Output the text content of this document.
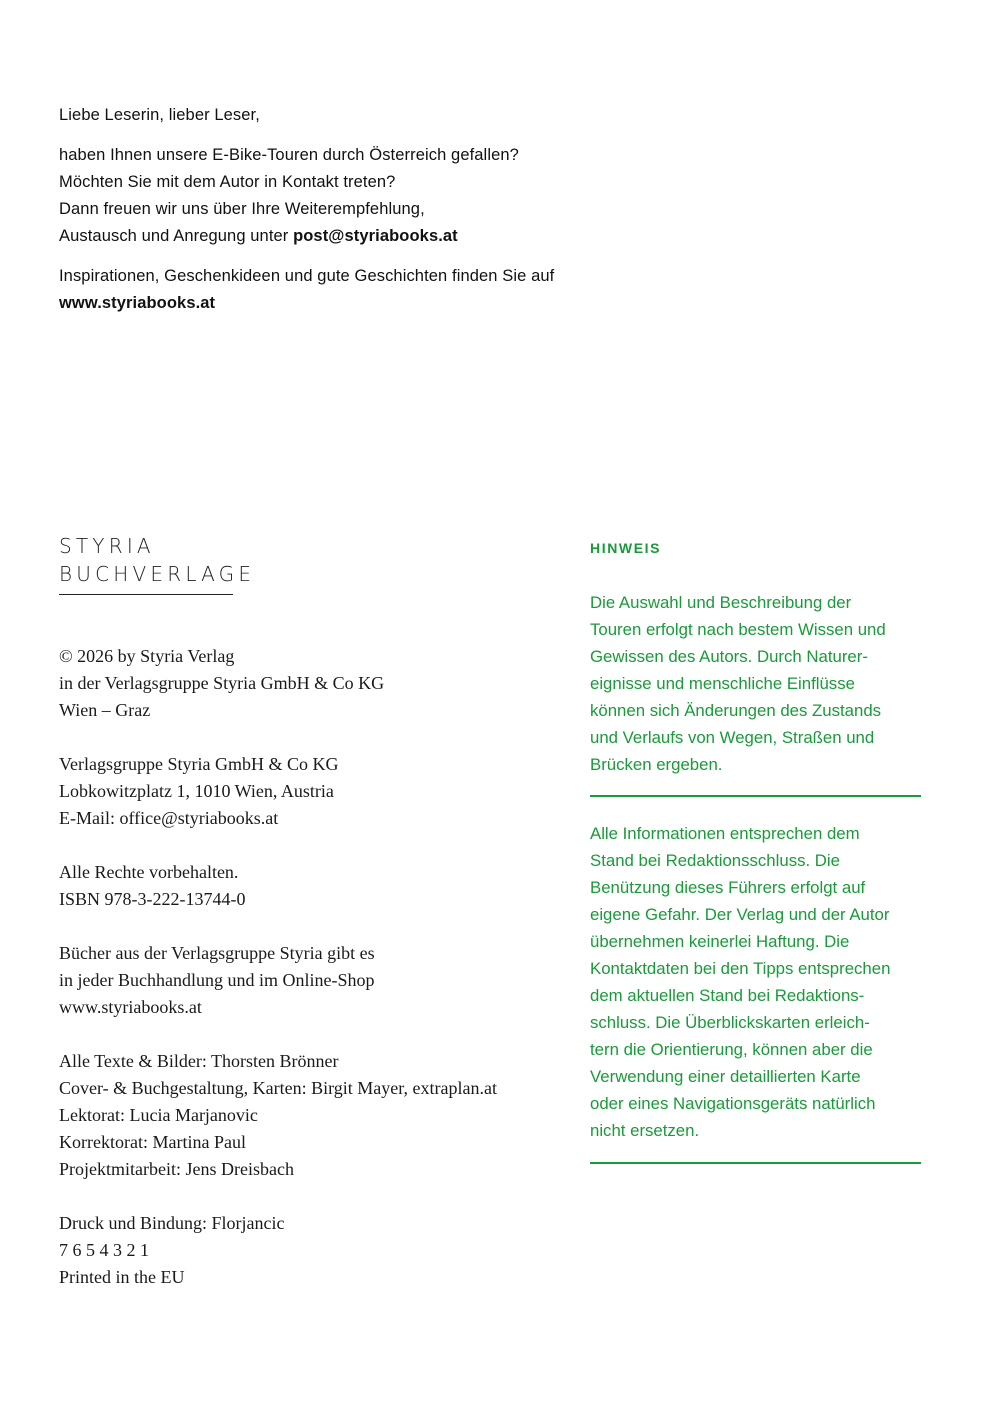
Liebe Leserin, lieber Leser,

haben Ihnen unsere E-Bike-Touren durch Österreich gefallen?
Möchten Sie mit dem Autor in Kontakt treten?
Dann freuen wir uns über Ihre Weiterempfehlung,
Austausch und Anregung unter post@styriabooks.at

Inspirationen, Geschenkideen und gute Geschichten finden Sie auf
www.styriabooks.at

STYRIA
BUCHVERLAGE
© 2026 by Styria Verlag
in der Verlagsgruppe Styria GmbH & Co KG
Wien – Graz
Verlagsgruppe Styria GmbH & Co KG
Lobkowitzplatz 1, 1010 Wien, Austria
E-Mail: office@styriabooks.at
Alle Rechte vorbehalten.
ISBN 978-3-222-13744-0
Bücher aus der Verlagsgruppe Styria gibt es
in jeder Buchhandlung und im Online-Shop
www.styriabooks.at
Alle Texte & Bilder: Thorsten Brönner
Cover- & Buchgestaltung, Karten: Birgit Mayer, extraplan.at
Lektorat: Lucia Marjanovic
Korrektorat: Martina Paul
Projektmitarbeit: Jens Dreisbach
Druck und Bindung: Florjancic
7 6 5 4 3 2 1
Printed in the EU
HINWEIS
Die Auswahl und Beschreibung der
Touren erfolgt nach bestem Wissen und
Gewissen des Autors. Durch Naturer-
eignisse und menschliche Einflüsse
können sich Änderungen des Zustands
und Verlaufs von Wegen, Straßen und
Brücken ergeben.
Alle Informationen entsprechen dem
Stand bei Redaktionsschluss. Die
Benützung dieses Führers erfolgt auf
eigene Gefahr. Der Verlag und der Autor
übernehmen keinerlei Haftung. Die
Kontaktdaten bei den Tipps entsprechen
dem aktuellen Stand bei Redaktions-
schluss. Die Überblickskarten erleich-
tern die Orientierung, können aber die
Verwendung einer detaillierten Karte
oder eines Navigationsgeräts natürlich
nicht ersetzen.
